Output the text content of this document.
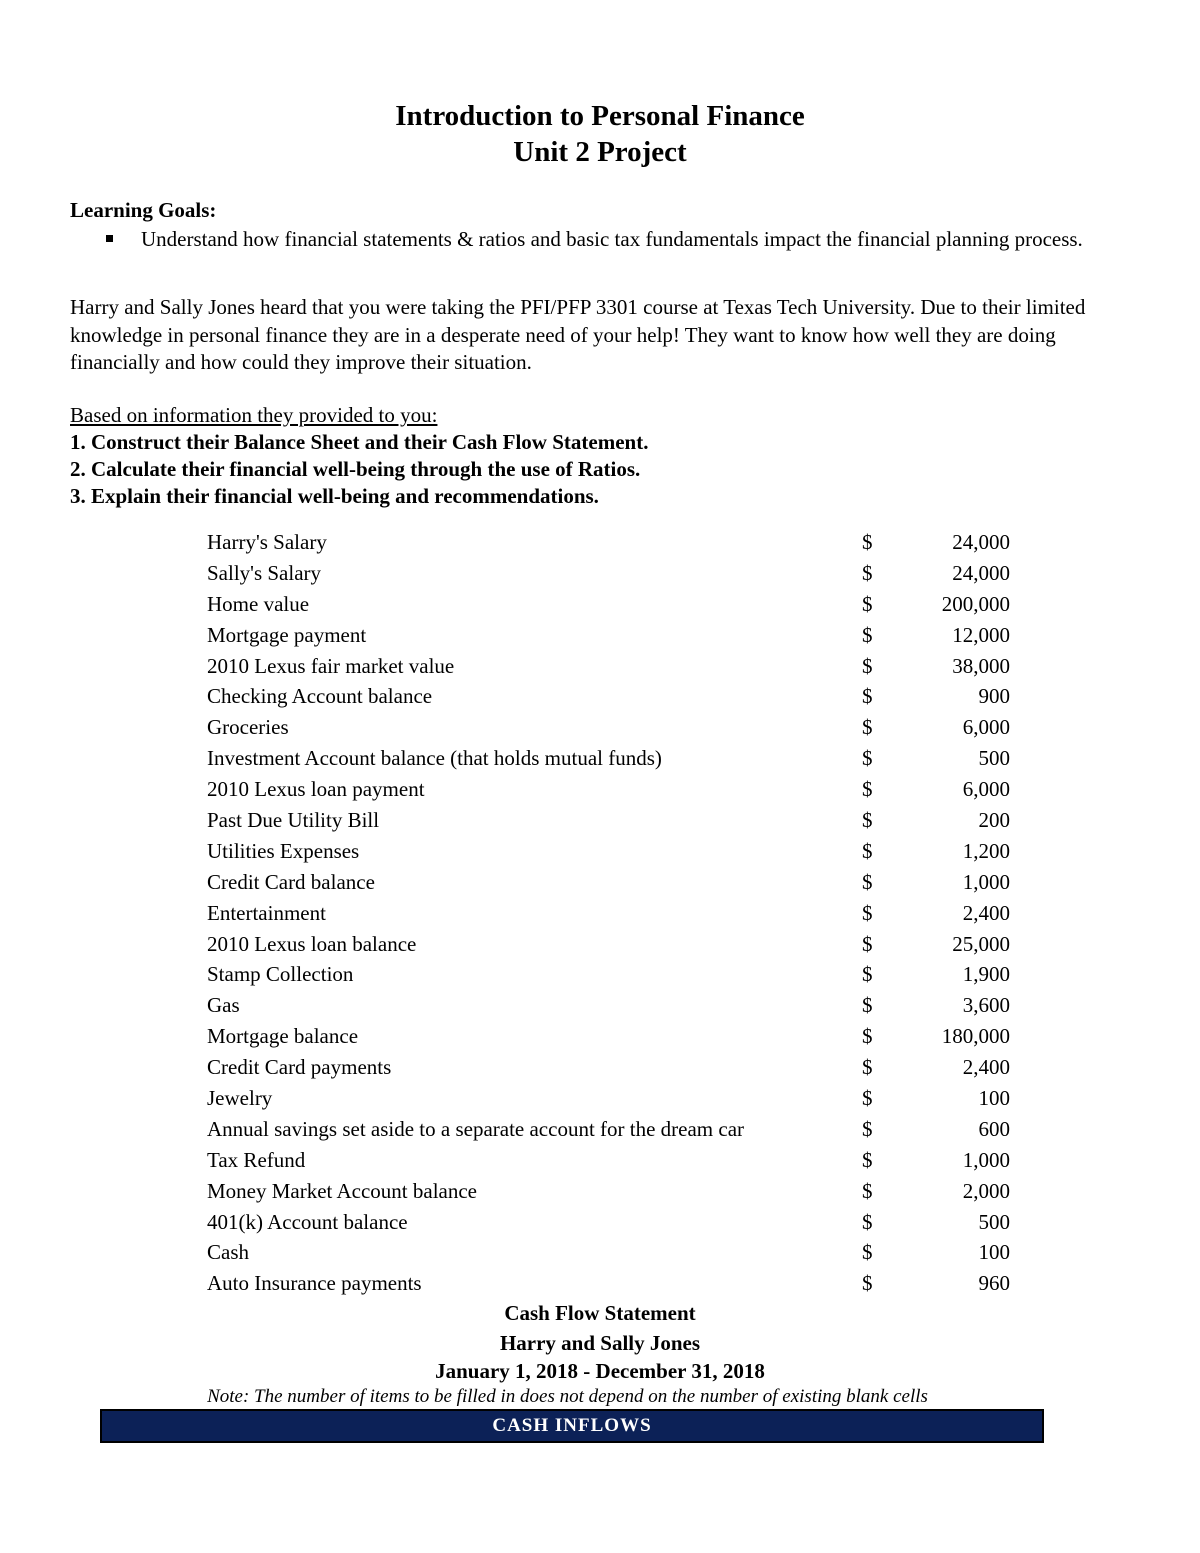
Introduction to Personal Finance
Unit 2 Project
Learning Goals:
Understand how financial statements & ratios and basic tax fundamentals impact the financial planning process.
Harry and Sally Jones heard that you were taking the PFI/PFP 3301 course at Texas Tech University. Due to their limited knowledge in personal finance they are in a desperate need of your help! They want to know how well they are doing financially and how could they improve their situation.
Based on information they provided to you:
1. Construct their Balance Sheet and their Cash Flow Statement.
2. Calculate their financial well-being through the use of Ratios.
3. Explain their financial well-being and recommendations.
Harry's Salary	$	24,000
Sally's Salary	$	24,000
Home value	$	200,000
Mortgage payment	$	12,000
2010 Lexus fair market value	$	38,000
Checking Account balance	$	900
Groceries	$	6,000
Investment Account balance (that holds mutual funds)	$	500
2010 Lexus loan payment	$	6,000
Past Due Utility Bill	$	200
Utilities Expenses	$	1,200
Credit Card balance	$	1,000
Entertainment	$	2,400
2010 Lexus loan balance	$	25,000
Stamp Collection	$	1,900
Gas	$	3,600
Mortgage balance	$	180,000
Credit Card payments	$	2,400
Jewelry	$	100
Annual savings set aside to a separate account for the dream car	$	600
Tax Refund	$	1,000
Money Market Account balance	$	2,000
401(k) Account balance	$	500
Cash	$	100
Auto Insurance payments	$	960
Cash Flow Statement
Harry and Sally Jones
January 1, 2018 - December 31, 2018
Note: The number of items to be filled in does not depend on the number of existing blank cells
CASH INFLOWS
